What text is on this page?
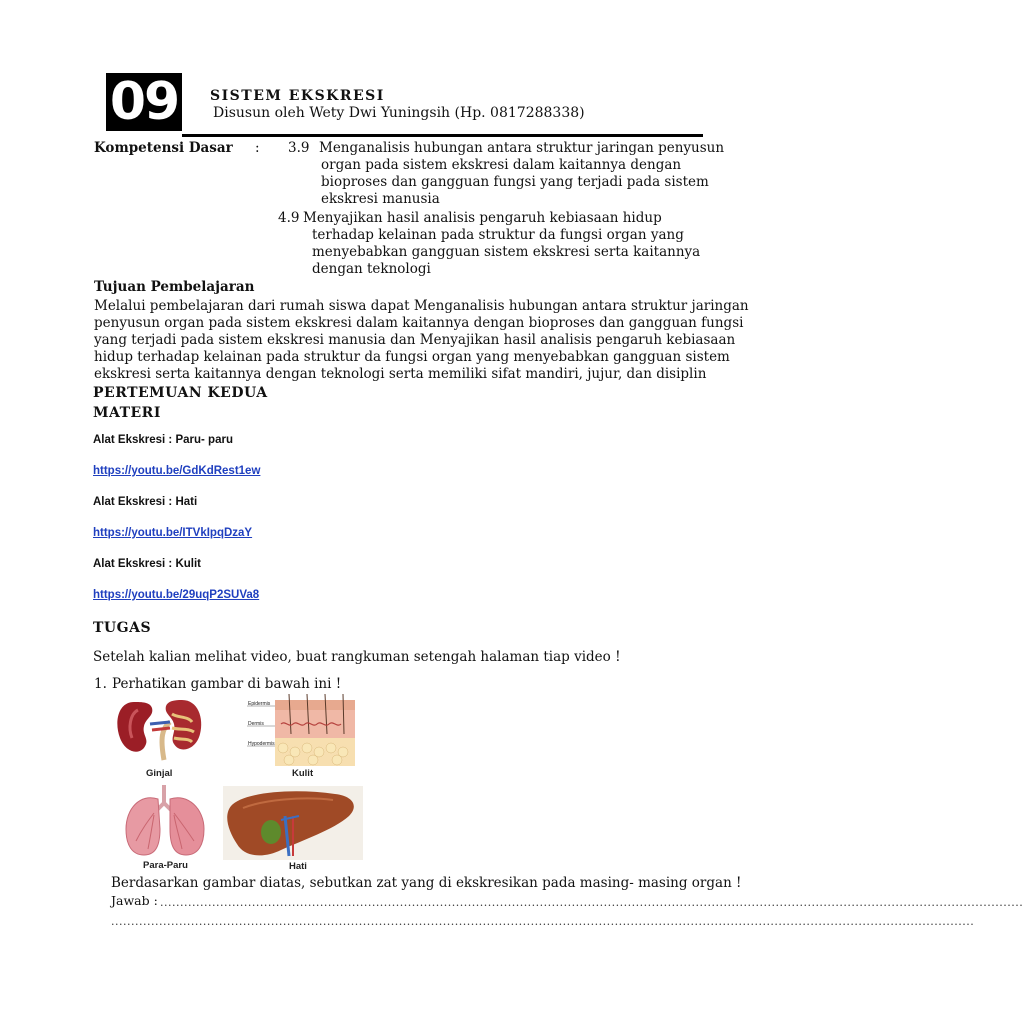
09 SISTEM EKSKRESI
Disusun oleh Wety Dwi Yuningsih (Hp. 0817288338)
Kompetensi Dasar : 3.9 Menganalisis hubungan antara struktur jaringan penyusun
organ pada sistem ekskresi dalam kaitannya dengan
bioproses dan gangguan fungsi yang terjadi pada sistem
ekskresi manusia
4.9 Menyajikan hasil analisis pengaruh kebiasaan hidup
terhadap kelainan pada struktur da fungsi organ yang
menyebabkan gangguan sistem ekskresi serta kaitannya
dengan teknologi
Tujuan Pembelajaran
Melalui pembelajaran dari rumah siswa dapat Menganalisis hubungan antara struktur jaringan
penyusun organ pada sistem ekskresi dalam kaitannya dengan bioproses dan gangguan fungsi
yang terjadi pada sistem ekskresi manusia dan Menyajikan hasil analisis pengaruh kebiasaan
hidup terhadap kelainan pada struktur da fungsi organ yang menyebabkan gangguan sistem
ekskresi serta kaitannya dengan teknologi serta memiliki sifat mandiri, jujur, dan disiplin
PERTEMUAN KEDUA
MATERI
Alat Ekskresi : Paru- paru
https://youtu.be/GdKdRest1ew
Alat Ekskresi : Hati
https://youtu.be/ITVkIpqDzaY
Alat Ekskresi : Kulit
https://youtu.be/29uqP2SUVa8
TUGAS
Setelah kalian melihat video, buat rangkuman setengah halaman tiap video !
1. Perhatikan gambar di bawah ini !
Ginjal
Epidermis
Dermis
Hypodermis
Kulit
Para-Paru	Hati
Berdasarkan gambar diatas, sebutkan zat yang di ekskresikan pada masing- masing organ !
Jawab : ........................................................................................................................................................................................................................
........................................................................................................................................................................................................................
